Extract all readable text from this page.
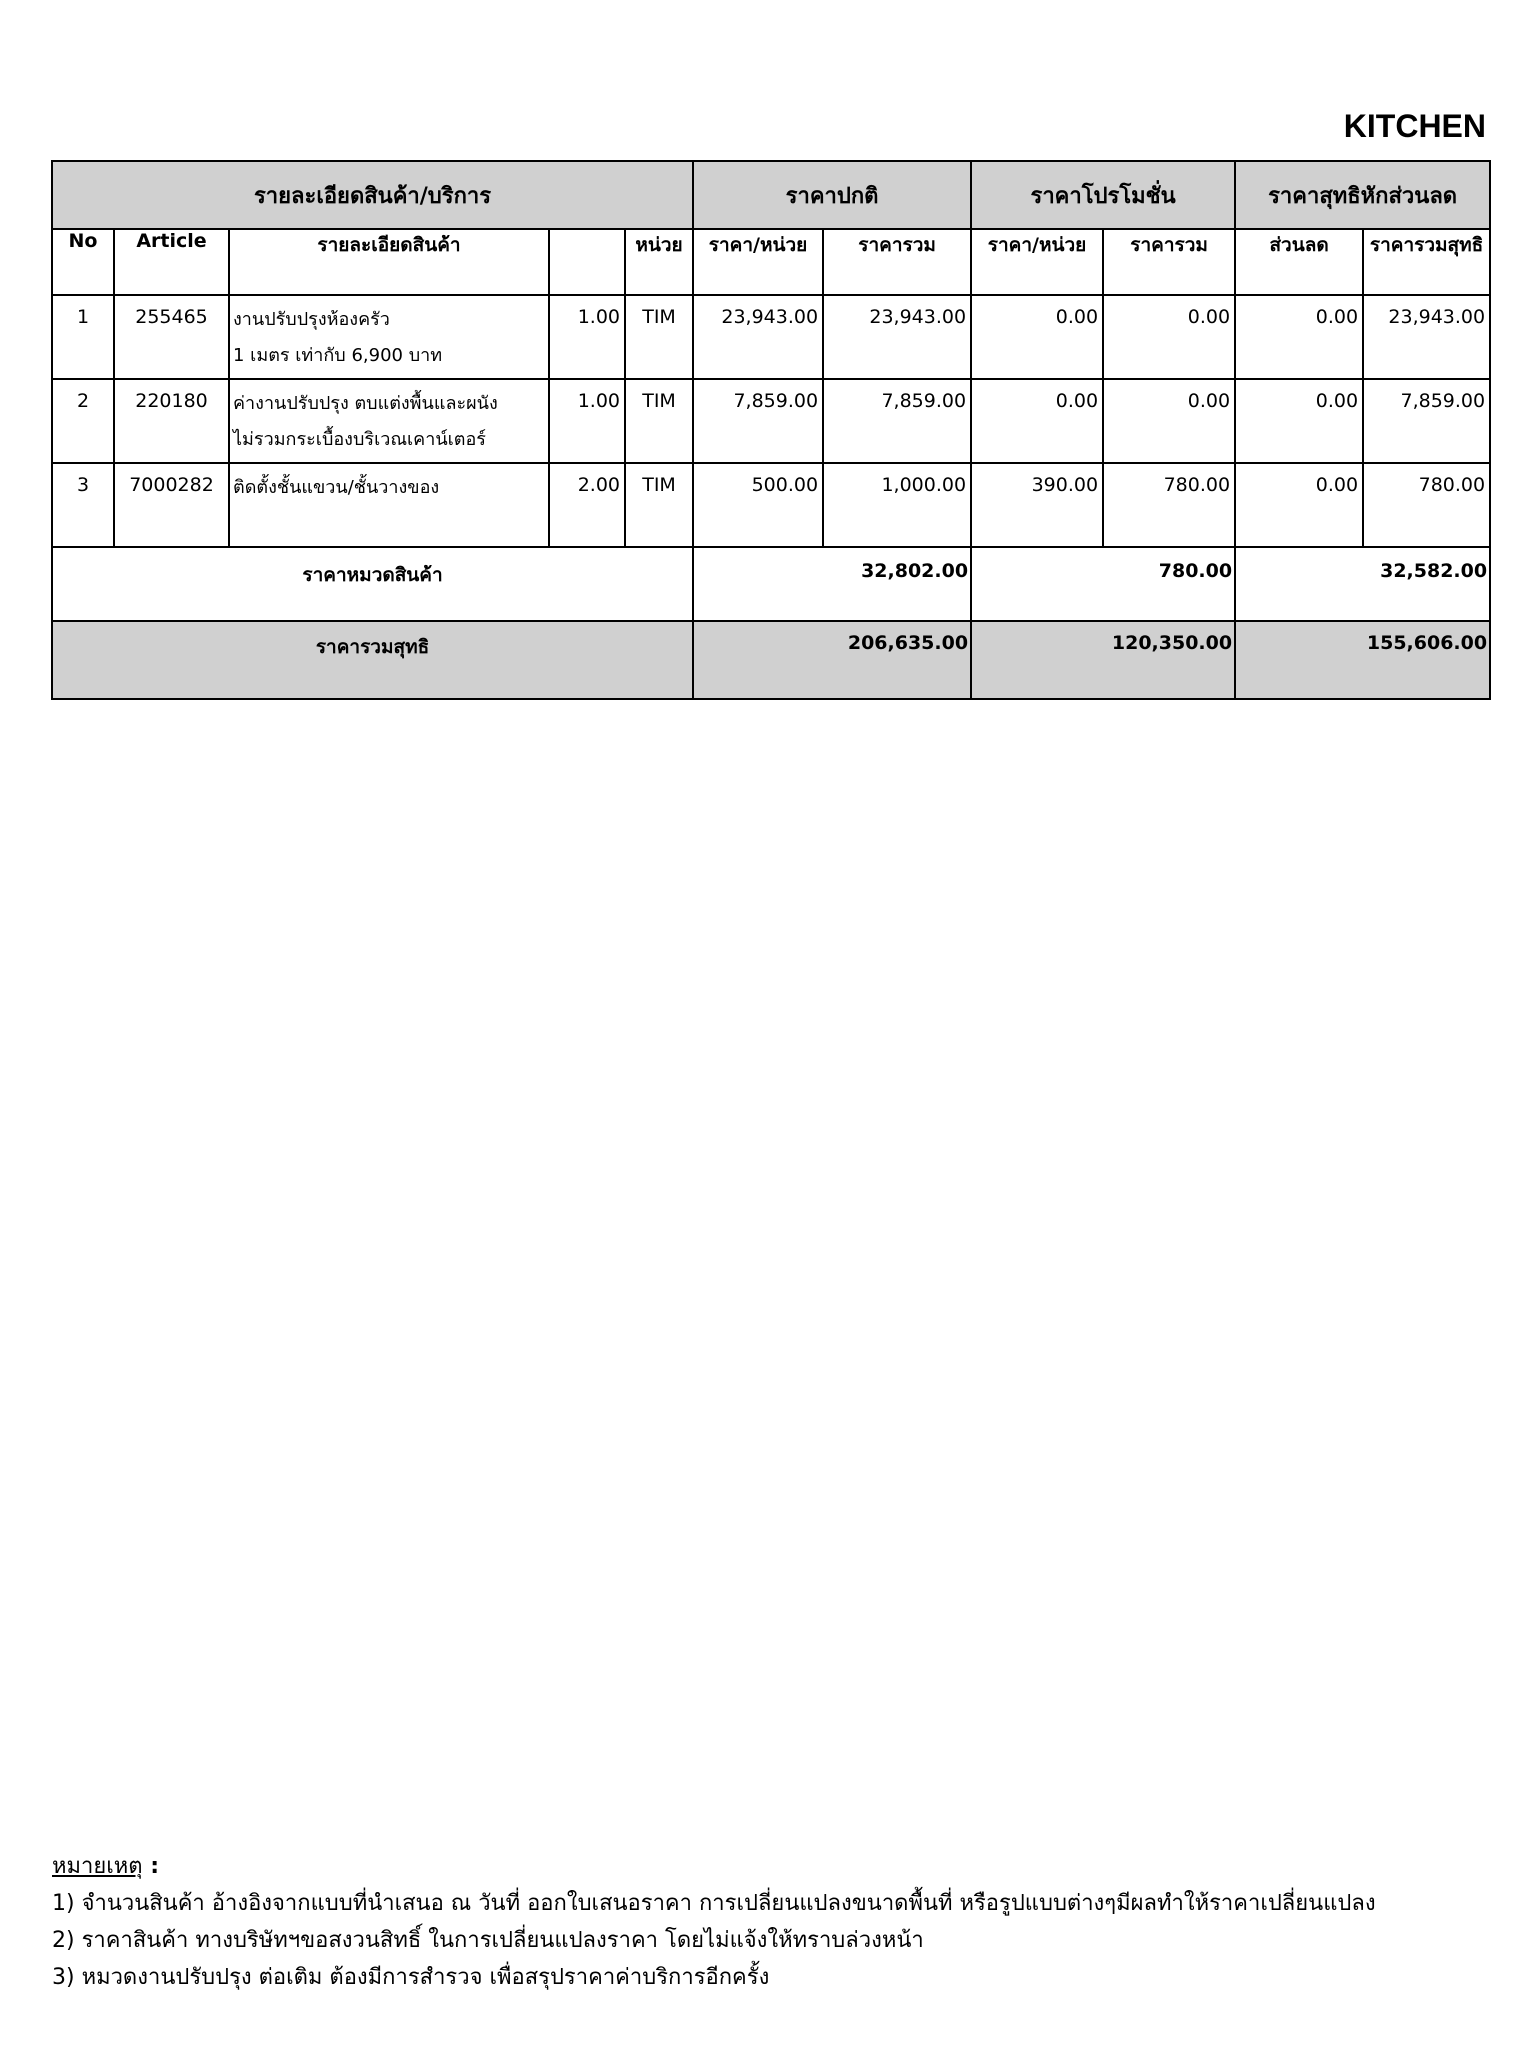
KITCHEN
รายละเอียดสินค้า/บริการ					ราคาปกติ		ราคาโปรโมชั่น		ราคาสุทธิหักส่วนลด	
No	Article	รายละเอียดสินค้า		หน่วย	ราคา/หน่วย	ราคารวม	ราคา/หน่วย	ราคารวม	ส่วนลด	ราคารวมสุทธิ
1	255465	งานปรับปรุงห้องครัว
1 เมตร เท่ากับ 6,900 บาท	1.00	TIM	23,943.00	23,943.00	0.00	0.00	0.00	23,943.00
2	220180	ค่างานปรับปรุง ตบแต่งพื้นและผนัง
ไม่รวมกระเบื้องบริเวณเคาน์เตอร์	1.00	TIM	7,859.00	7,859.00	0.00	0.00	0.00	7,859.00
3	7000282	ติดตั้งชั้นแขวน/ชั้นวางของ	2.00	TIM	500.00	1,000.00	390.00	780.00	0.00	780.00
ราคาหมวดสินค้า					32,802.00		780.00		32,582.00	
ราคารวมสุทธิ					206,635.00		120,350.00		155,606.00	
หมายเหตุ :
1) จำนวนสินค้า อ้างอิงจากแบบที่นำเสนอ ณ วันที่ ออกใบเสนอราคา การเปลี่ยนแปลงขนาดพื้นที่ หรือรูปแบบต่างๆมีผลทำให้ราคาเปลี่ยนแปลง
2) ราคาสินค้า ทางบริษัทฯขอสงวนสิทธิ์ ในการเปลี่ยนแปลงราคา โดยไม่แจ้งให้ทราบล่วงหน้า
3) หมวดงานปรับปรุง ต่อเติม ต้องมีการสำรวจ เพื่อสรุปราคาค่าบริการอีกครั้ง
